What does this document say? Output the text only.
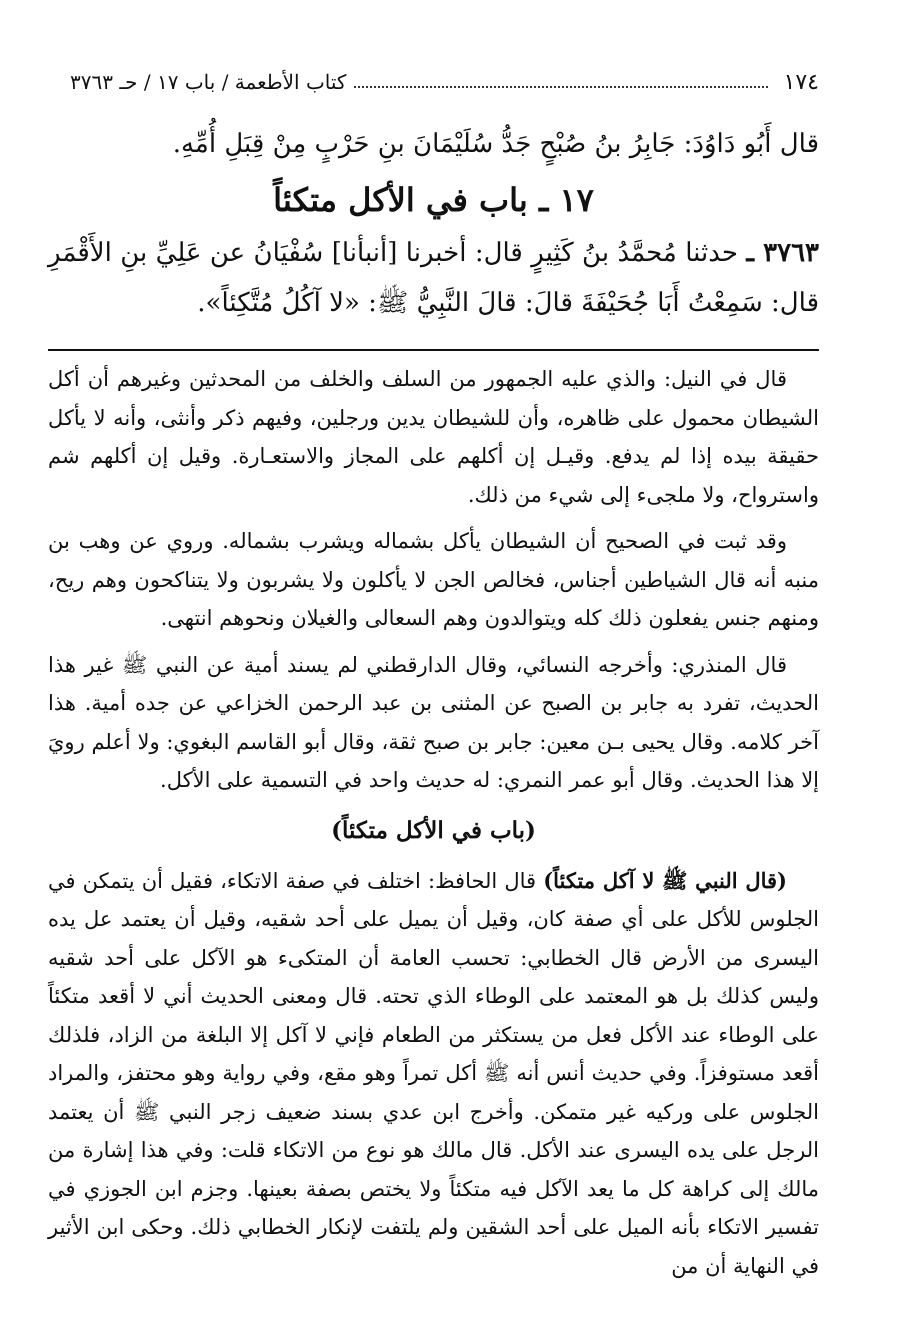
١٧٤
كتاب الأطعمة / باب ١٧ / حـ ٣٧٦٣

قال أَبُو دَاوُدَ: جَابِرُ بنُ صُبْحٍ جَدُّ سُلَيْمَانَ بنِ حَرْبٍ مِنْ قِبَلِ أُمِّهِ.

١٧ ـ باب في الأكل متكئاً

٣٧٦٣ ـ حدثنا مُحمَّدُ بنُ كَثِيرٍ قال: أخبرنا [أنبأنا] سُفْيَانُ عن عَلِيِّ بنِ الأَقْمَرِ قال: سَمِعْتُ أَبَا جُحَيْفَةَ قالَ: قالَ النَّبِيُّ ﷺ: «لا آكُلُ مُتَّكِئاً».

قال في النيل: والذي عليه الجمهور من السلف والخلف من المحدثين وغيرهم أن أكل الشيطان محمول على ظاهره، وأن للشيطان يدين ورجلين، وفيهم ذكر وأنثى، وأنه لا يأكل حقيقة بيده إذا لم يدفع. وقيـل إن أكلهم على المجاز والاستعـارة. وقيل إن أكلهم شم واسترواح، ولا ملجىء إلى شيء من ذلك.

وقد ثبت في الصحيح أن الشيطان يأكل بشماله ويشرب بشماله. وروي عن وهب بن منبه أنه قال الشياطين أجناس، فخالص الجن لا يأكلون ولا يشربون ولا يتناكحون وهم ريح، ومنهم جنس يفعلون ذلك كله ويتوالدون وهم السعالى والغيلان ونحوهم انتهى.

قال المنذري: وأخرجه النسائي، وقال الدارقطني لم يسند أمية عن النبي ﷺ غير هذا الحديث، تفرد به جابر بن الصبح عن المثنى بن عبد الرحمن الخزاعي عن جده أمية. هذا آخر كلامه. وقال يحيى بـن معين: جابر بن صبح ثقة، وقال أبو القاسم البغوي: ولا أعلم رويَ إلا هذا الحديث. وقال أبو عمر النمري: له حديث واحد في التسمية على الأكل.

(باب في الأكل متكئاً)

(قال النبي ﷺ لا آكل متكئاً) قال الحافظ: اختلف في صفة الاتكاء، فقيل أن يتمكن في الجلوس للأكل على أي صفة كان، وقيل أن يميل على أحد شقيه، وقيل أن يعتمد عل يده اليسرى من الأرض قال الخطابي: تحسب العامة أن المتكىء هو الآكل على أحد شقيه وليس كذلك بل هو المعتمد على الوطاء الذي تحته. قال ومعنى الحديث أني لا أقعد متكئاً على الوطاء عند الأكل فعل من يستكثر من الطعام فإني لا آكل إلا البلغة من الزاد، فلذلك أقعد مستوفزاً. وفي حديث أنس أنه ﷺ أكل تمراً وهو مقع، وفي رواية وهو محتفز، والمراد الجلوس على وركيه غير متمكن. وأخرج ابن عدي بسند ضعيف زجر النبي ﷺ أن يعتمد الرجل على يده اليسرى عند الأكل. قال مالك هو نوع من الاتكاء قلت: وفي هذا إشارة من مالك إلى كراهة كل ما يعد الآكل فيه متكئاً ولا يختص بصفة بعينها. وجزم ابن الجوزي في تفسير الاتكاء بأنه الميل على أحد الشقين ولم يلتفت لإنكار الخطابي ذلك. وحكى ابن الأثير في النهاية أن من
